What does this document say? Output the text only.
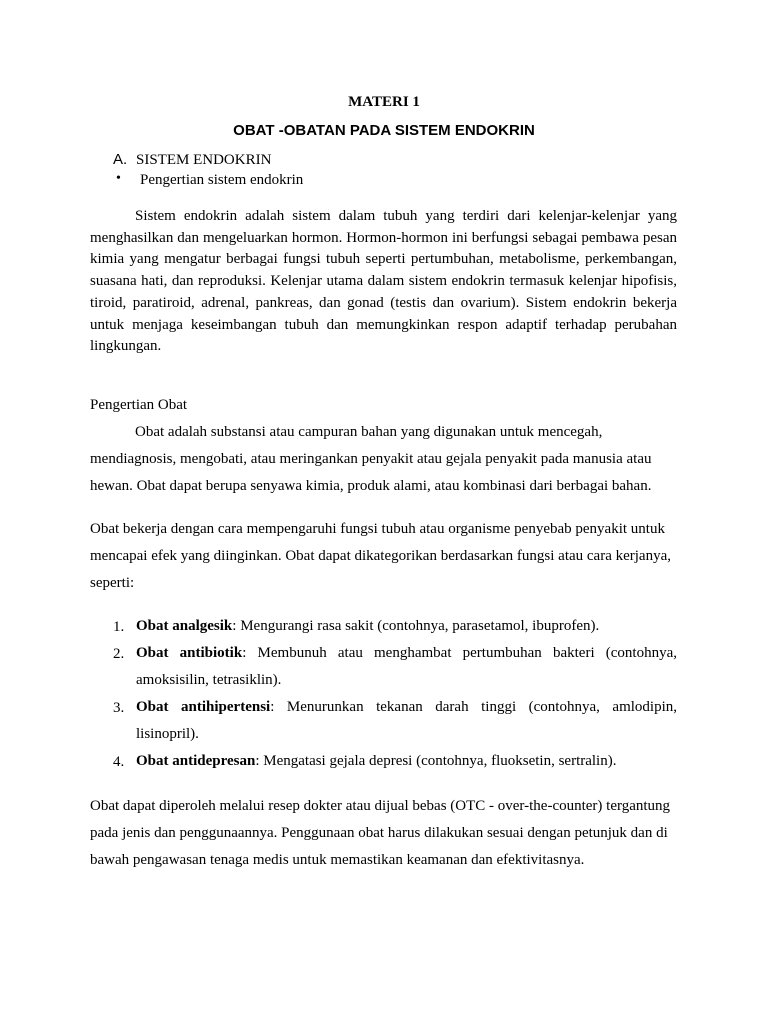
MATERI 1
OBAT -OBATAN PADA SISTEM ENDOKRIN
A. SISTEM ENDOKRIN
• Pengertian sistem endokrin

Sistem endokrin adalah sistem dalam tubuh yang terdiri dari kelenjar-kelenjar yang menghasilkan dan mengeluarkan hormon. Hormon-hormon ini berfungsi sebagai pembawa pesan kimia yang mengatur berbagai fungsi tubuh seperti pertumbuhan, metabolisme, perkembangan, suasana hati, dan reproduksi. Kelenjar utama dalam sistem endokrin termasuk kelenjar hipofisis, tiroid, paratiroid, adrenal, pankreas, dan gonad (testis dan ovarium). Sistem endokrin bekerja untuk menjaga keseimbangan tubuh dan memungkinkan respon adaptif terhadap perubahan lingkungan.

Pengertian Obat
Obat adalah substansi atau campuran bahan yang digunakan untuk mencegah,
mendiagnosis, mengobati, atau meringankan penyakit atau gejala penyakit pada manusia atau
hewan. Obat dapat berupa senyawa kimia, produk alami, atau kombinasi dari berbagai bahan.
Obat bekerja dengan cara mempengaruhi fungsi tubuh atau organisme penyebab penyakit untuk
mencapai efek yang diinginkan. Obat dapat dikategorikan berdasarkan fungsi atau cara kerjanya,
seperti:
1. Obat analgesik: Mengurangi rasa sakit (contohnya, parasetamol, ibuprofen).
2. Obat antibiotik: Membunuh atau menghambat pertumbuhan bakteri (contohnya, amoksisilin, tetrasiklin).
3. Obat antihipertensi: Menurunkan tekanan darah tinggi (contohnya, amlodipin, lisinopril).
4. Obat antidepresan: Mengatasi gejala depresi (contohnya, fluoksetin, sertralin).
Obat dapat diperoleh melalui resep dokter atau dijual bebas (OTC - over-the-counter) tergantung
pada jenis dan penggunaannya. Penggunaan obat harus dilakukan sesuai dengan petunjuk dan di
bawah pengawasan tenaga medis untuk memastikan keamanan dan efektivitasnya.
